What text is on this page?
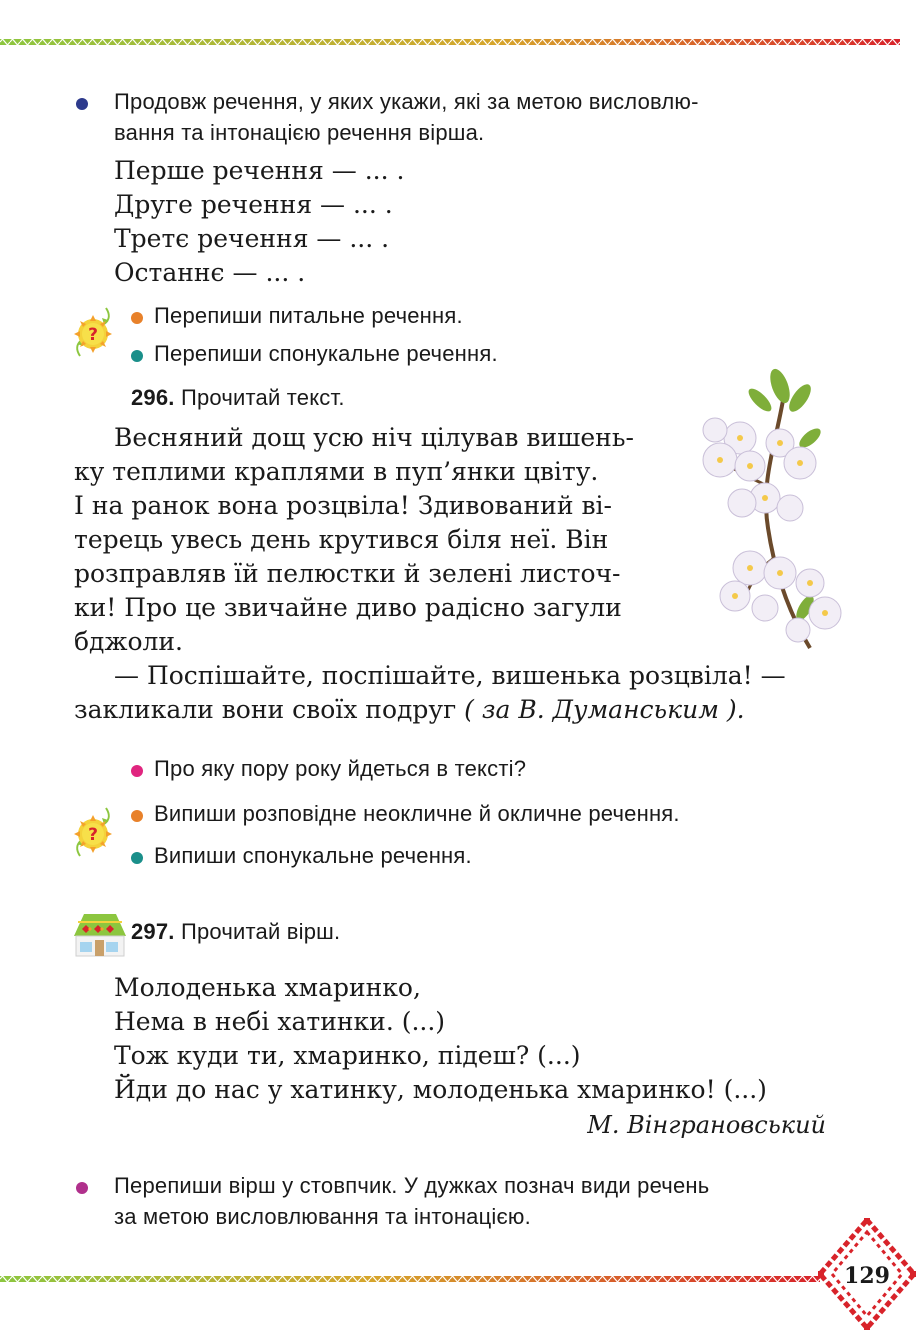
Продовж речення, у яких укажи, які за метою висловлю-
вання та інтонацією речення вірша.
Перше речення — ... .
Друге речення — ... .
Третє речення — ... .
Останнє — ... .
?
Перепиши питальне речення.
Перепиши спонукальне речення.
296. Прочитай текст.
Весняний дощ усю ніч цілував вишень-
ку теплими краплями в пуп’янки цвіту.
І на ранок вона розцвіла! Здивований ві-
терець увесь день крутився біля неї. Він
розправляв їй пелюстки й зелені листоч-
ки! Про це звичайне диво радісно загули
бджоли.
— Поспішайте, поспішайте, вишенька розцвіла! —
закликали вони своїх подруг ( за В. Думанським ).
Про яку пору року йдеться в тексті?
?
Випиши розповідне неокличне й окличне речення.
Випиши спонукальне речення.
297. Прочитай вірш.
Молоденька хмаринко,
Нема в небі хатинки. (...)
Тож куди ти, хмаринко, підеш? (...)
Йди до нас у хатинку, молоденька хмаринко! (...)
М. Вінграновський
Перепиши вірш у стовпчик. У дужках познач види речень
за метою висловлювання та інтонацією.
129
